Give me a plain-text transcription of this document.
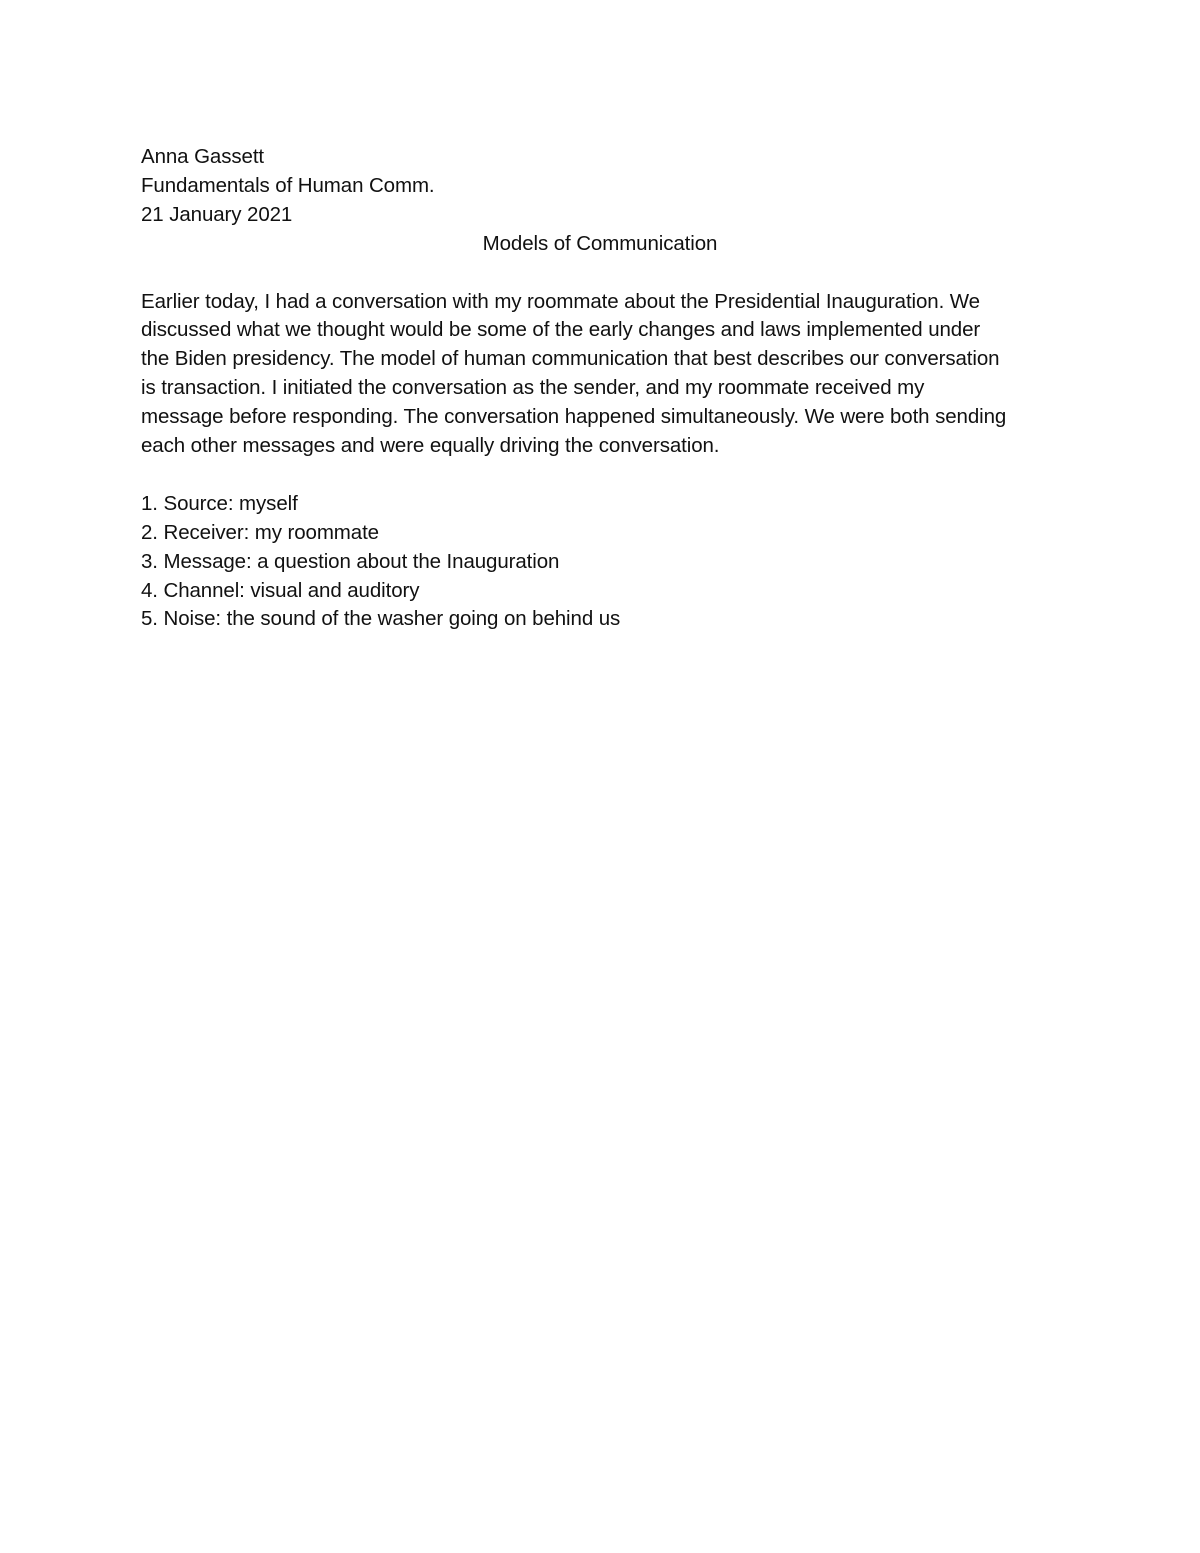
Anna Gassett
Fundamentals of Human Comm.
21 January 2021
Models of Communication
Earlier today, I had a conversation with my roommate about the Presidential Inauguration. We
discussed what we thought would be some of the early changes and laws implemented under
the Biden presidency. The model of human communication that best describes our conversation
is transaction. I initiated the conversation as the sender, and my roommate received my
message before responding. The conversation happened simultaneously. We were both sending
each other messages and were equally driving the conversation.
1. Source: myself
2. Receiver: my roommate
3. Message: a question about the Inauguration
4. Channel: visual and auditory
5. Noise: the sound of the washer going on behind us
